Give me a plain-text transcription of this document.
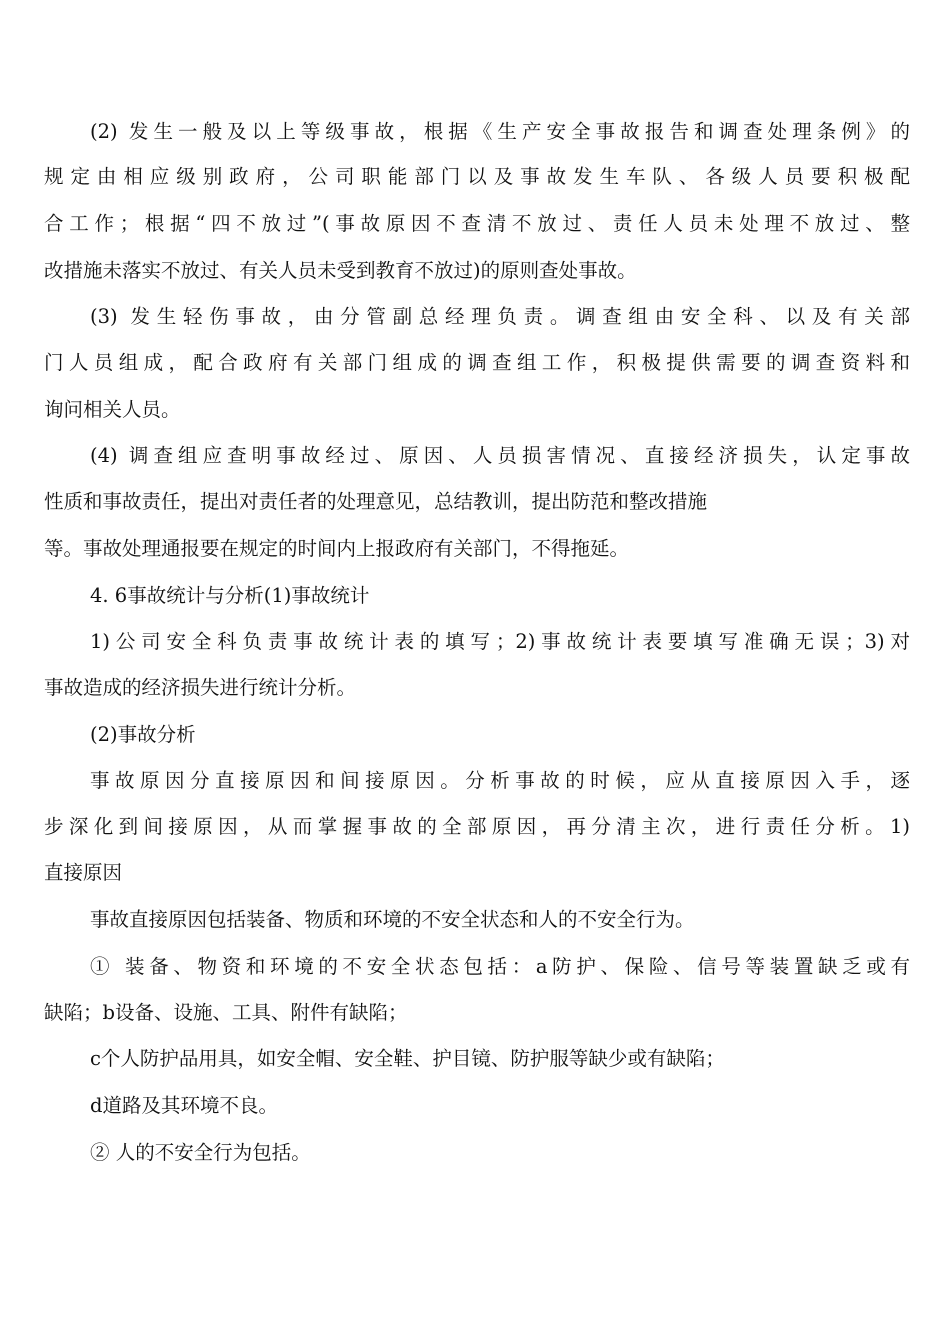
(2) 发生一般及以上等级事故，根据《生产安全事故报告和调查处理条例》的
规定由相应级别政府，公司职能部门以及事故发生车队、各级人员要积极配
合工作；根据“四不放过”(事故原因不查清不放过、责任人员未处理不放过、整
改措施未落实不放过、有关人员未受到教育不放过)的原则查处事故。
(3) 发生轻伤事故，由分管副总经理负责。调查组由安全科、以及有关部
门人员组成，配合政府有关部门组成的调查组工作，积极提供需要的调查资料和
询问相关人员。
(4) 调查组应查明事故经过、原因、人员损害情况、直接经济损失，认定事故
性质和事故责任，提出对责任者的处理意见，总结教训，提出防范和整改措施
等。事故处理通报要在规定的时间内上报政府有关部门，不得拖延。
4. 6事故统计与分析(1)事故统计
1)公司安全科负责事故统计表的填写；2)事故统计表要填写准确无误；3)对
事故造成的经济损失进行统计分析。
(2)事故分析
事故原因分直接原因和间接原因。分析事故的时候，应从直接原因入手，逐
步深化到间接原因，从而掌握事故的全部原因，再分清主次，进行责任分析。1)
直接原因
事故直接原因包括装备、物质和环境的不安全状态和人的不安全行为。
① 装备、物资和环境的不安全状态包括：a防护、保险、信号等装置缺乏或有
缺陷；b设备、设施、工具、附件有缺陷；
c个人防护品用具，如安全帽、安全鞋、护目镜、防护服等缺少或有缺陷；
d道路及其环境不良。
② 人的不安全行为包括。
